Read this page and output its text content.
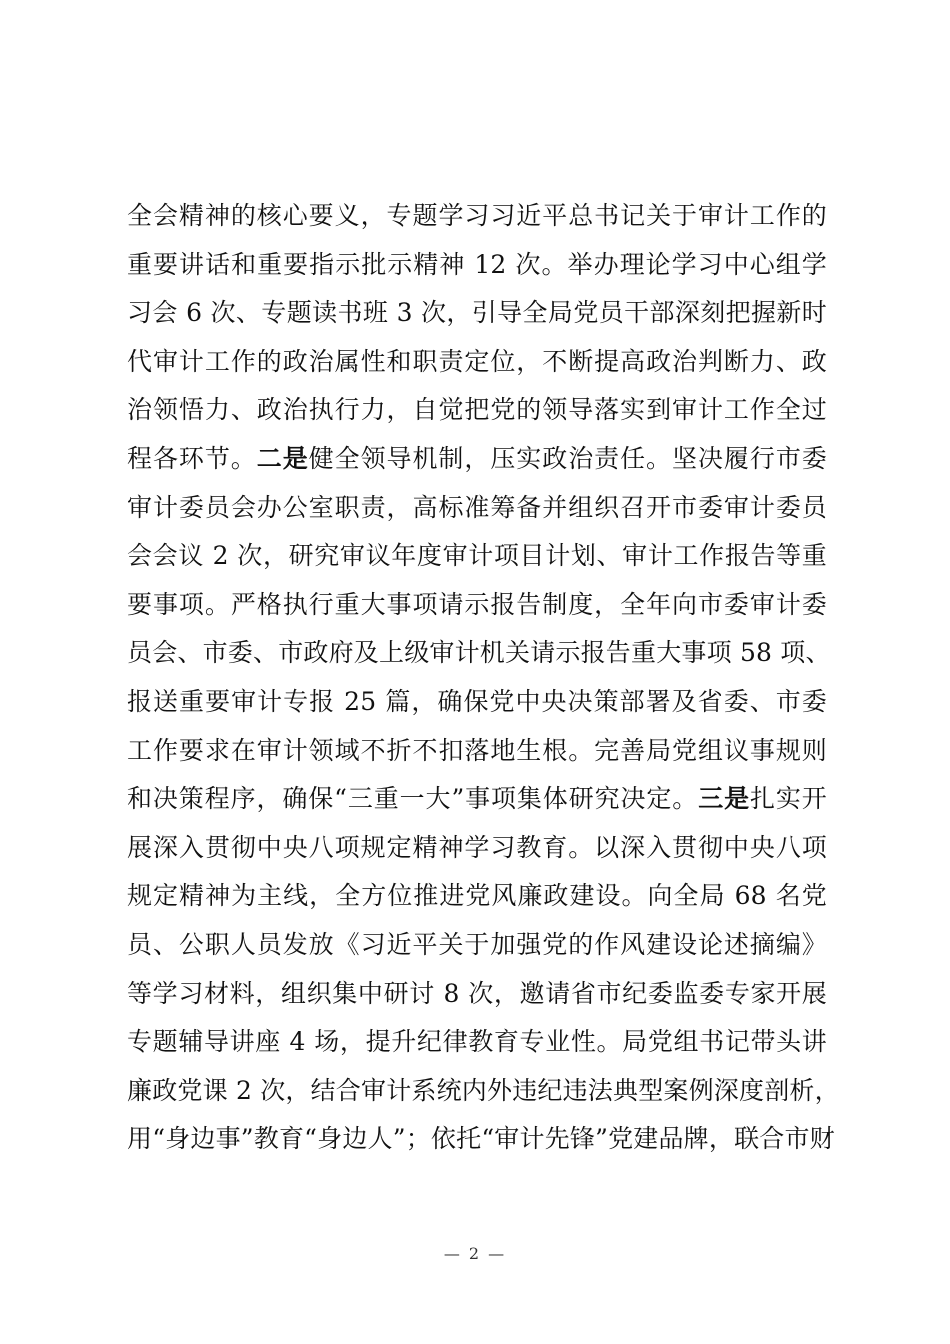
全会精神的核心要义，专题学习习近平总书记关于审计工作的
重要讲话和重要指示批示精神 12 次。举办理论学习中心组学
习会 6 次、专题读书班 3 次，引导全局党员干部深刻把握新时
代审计工作的政治属性和职责定位，不断提高政治判断力、政
治领悟力、政治执行力，自觉把党的领导落实到审计工作全过
程各环节。二是健全领导机制，压实政治责任。坚决履行市委
审计委员会办公室职责，高标准筹备并组织召开市委审计委员
会会议 2 次，研究审议年度审计项目计划、审计工作报告等重
要事项。严格执行重大事项请示报告制度，全年向市委审计委
员会、市委、市政府及上级审计机关请示报告重大事项 58 项、
报送重要审计专报 25 篇，确保党中央决策部署及省委、市委
工作要求在审计领域不折不扣落地生根。完善局党组议事规则
和决策程序，确保“三重一大”事项集体研究决定。三是扎实开
展深入贯彻中央八项规定精神学习教育。以深入贯彻中央八项
规定精神为主线，全方位推进党风廉政建设。向全局 68 名党
员、公职人员发放《习近平关于加强党的作风建设论述摘编》
等学习材料，组织集中研讨 8 次，邀请省市纪委监委专家开展
专题辅导讲座 4 场，提升纪律教育专业性。局党组书记带头讲
廉政党课 2 次，结合审计系统内外违纪违法典型案例深度剖析，
用“身边事”教育“身边人”；依托“审计先锋”党建品牌，联合市财
— 2 —
